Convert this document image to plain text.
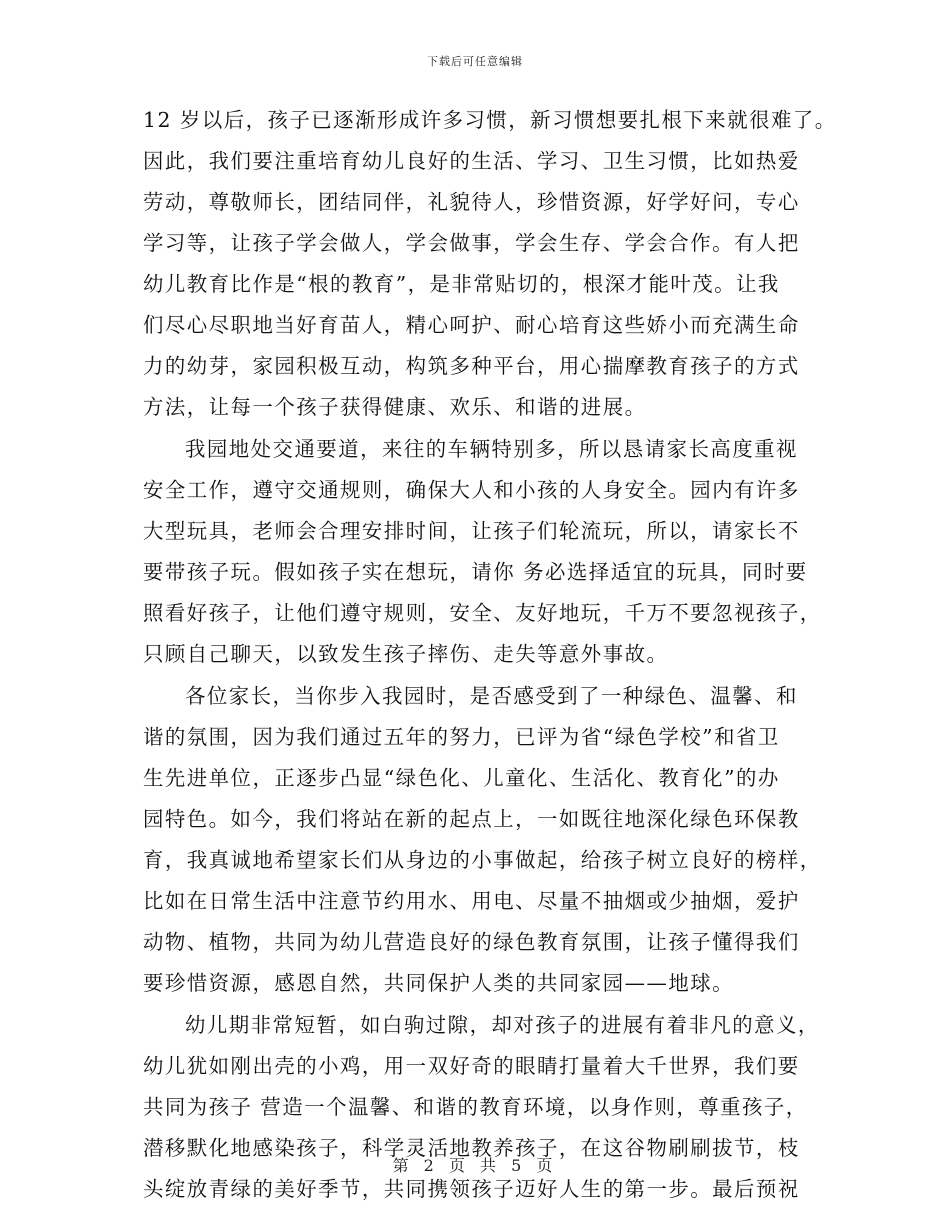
下载后可任意编辑
12 岁以后，孩子已逐渐形成许多习惯，新习惯想要扎根下来就很难了。
因此，我们要注重培育幼儿良好的生活、学习、卫生习惯，比如热爱
劳动，尊敬师长，团结同伴，礼貌待人，珍惜资源，好学好问，专心
学习等，让孩子学会做人，学会做事，学会生存、学会合作。有人把
幼儿教育比作是“根的教育”，是非常贴切的，根深才能叶茂。让我
们尽心尽职地当好育苗人，精心呵护、耐心培育这些娇小而充满生命
力的幼芽，家园积极互动，构筑多种平台，用心揣摩教育孩子的方式
方法，让每一个孩子获得健康、欢乐、和谐的进展。
我园地处交通要道，来往的车辆特别多，所以恳请家长高度重视
安全工作，遵守交通规则，确保大人和小孩的人身安全。园内有许多
大型玩具，老师会合理安排时间，让孩子们轮流玩，所以，请家长不
要带孩子玩。假如孩子实在想玩，请你 务必选择适宜的玩具，同时要
照看好孩子，让他们遵守规则，安全、友好地玩，千万不要忽视孩子，
只顾自己聊天，以致发生孩子摔伤、走失等意外事故。
各位家长，当你步入我园时，是否感受到了一种绿色、温馨、和
谐的氛围，因为我们通过五年的努力，已评为省“绿色学校”和省卫
生先进单位，正逐步凸显“绿色化、儿童化、生活化、教育化”的办
园特色。如今，我们将站在新的起点上，一如既往地深化绿色环保教
育，我真诚地希望家长们从身边的小事做起，给孩子树立良好的榜样，
比如在日常生活中注意节约用水、用电、尽量不抽烟或少抽烟，爱护
动物、植物，共同为幼儿营造良好的绿色教育氛围，让孩子懂得我们
要珍惜资源，感恩自然，共同保护人类的共同家园——地球。
幼儿期非常短暂，如白驹过隙，却对孩子的进展有着非凡的意义，
幼儿犹如刚出壳的小鸡，用一双好奇的眼睛打量着大千世界，我们要
共同为孩子 营造一个温馨、和谐的教育环境，以身作则，尊重孩子，
潜移默化地感染孩子，科学灵活地教养孩子，在这谷物刷刷拔节，枝
头绽放青绿的美好季节，共同携领孩子迈好人生的第一步。最后预祝
第 2 页 共 5 页
